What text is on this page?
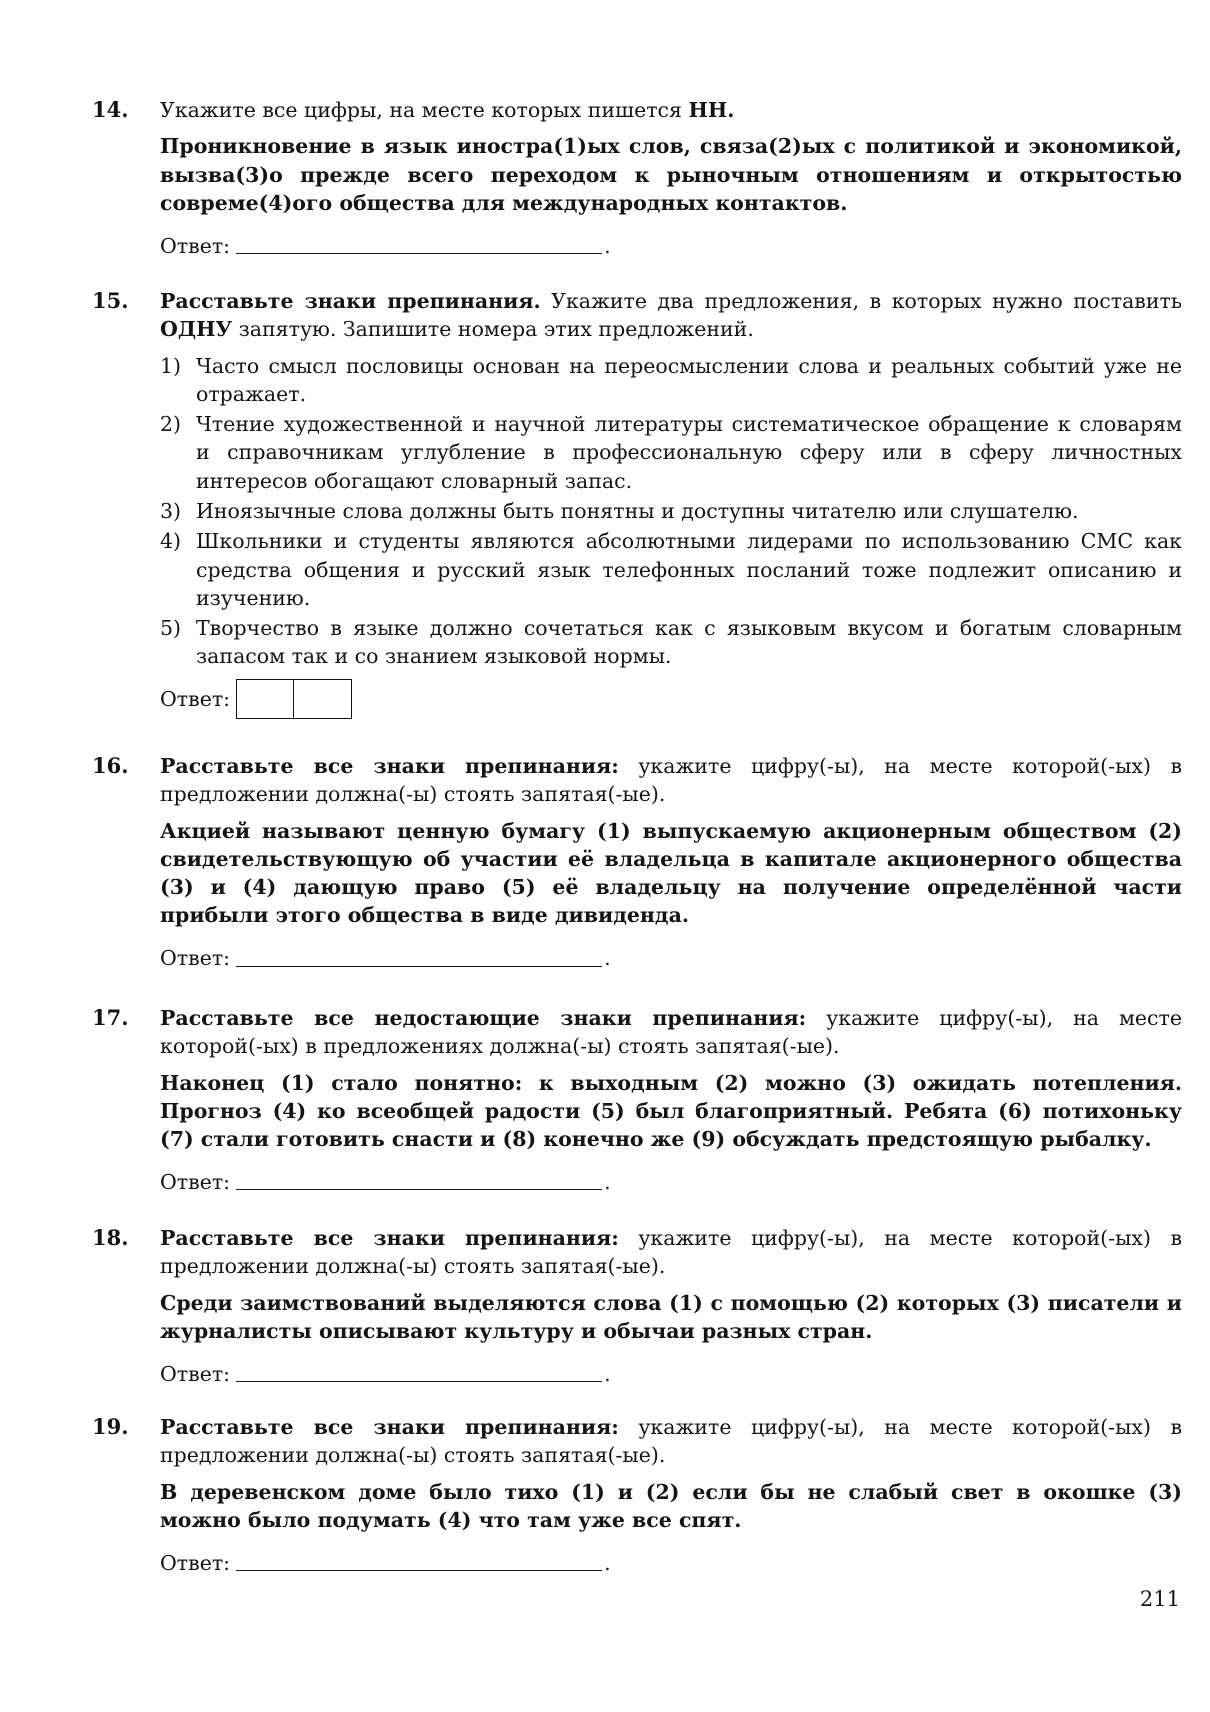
14. Укажите все цифры, на месте которых пишется НН.

Проникновение в язык иностра(1)ых слов, связа(2)ых с политикой и экономикой, вызва(3)о прежде всего переходом к рыночным отношениям и открытостью совреме(4)ого общества для международных контактов.

Ответ:	.
15. Расставьте знаки препинания. Укажите два предложения, в которых нужно поставить ОДНУ запятую. Запишите номера этих предложений.

1) Часто смысл пословицы основан на переосмыслении слова и реальных событий уже не отражает.
2) Чтение художественной и научной литературы систематическое обращение к словарям и справочникам углубление в профессиональную сферу или в сферу личностных интересов обогащают словарный запас.
3) Иноязычные слова должны быть понятны и доступны читателю или слушателю.
4) Школьники и студенты являются абсолютными лидерами по использованию СМС как средства общения и русский язык телефонных посланий тоже подлежит описанию и изучению.
5) Творчество в языке должно сочетаться как с языковым вкусом и богатым словарным запасом так и со знанием языковой нормы.
Ответ:
16. Расставьте все знаки препинания: укажите цифру(-ы), на месте которой(-ых) в предложении должна(-ы) стоять запятая(-ые).

Акцией называют ценную бумагу (1) выпускаемую акционерным обществом (2) свидетельствующую об участии её владельца в капитале акционерного общества (3) и (4) дающую право (5) её владельцу на получение определённой части прибыли этого общества в виде дивиденда.

Ответ:	.
17. Расставьте все недостающие знаки препинания: укажите цифру(-ы), на месте которой(-ых) в предложениях должна(-ы) стоять запятая(-ые).

Наконец (1) стало понятно: к выходным (2) можно (3) ожидать потепления. Прогноз (4) ко всеобщей радости (5) был благоприятный. Ребята (6) потихоньку (7) стали готовить снасти и (8) конечно же (9) обсуждать предстоящую рыбалку.

Ответ:	.
18. Расставьте все знаки препинания: укажите цифру(-ы), на месте которой(-ых) в предложении должна(-ы) стоять запятая(-ые).

Среди заимствований выделяются слова (1) с помощью (2) которых (3) писатели и журналисты описывают культуру и обычаи разных стран.

Ответ:	.
19. Расставьте все знаки препинания: укажите цифру(-ы), на месте которой(-ых) в предложении должна(-ы) стоять запятая(-ые).

В деревенском доме было тихо (1) и (2) если бы не слабый свет в окошке (3) можно было подумать (4) что там уже все спят.

Ответ:	.
211
